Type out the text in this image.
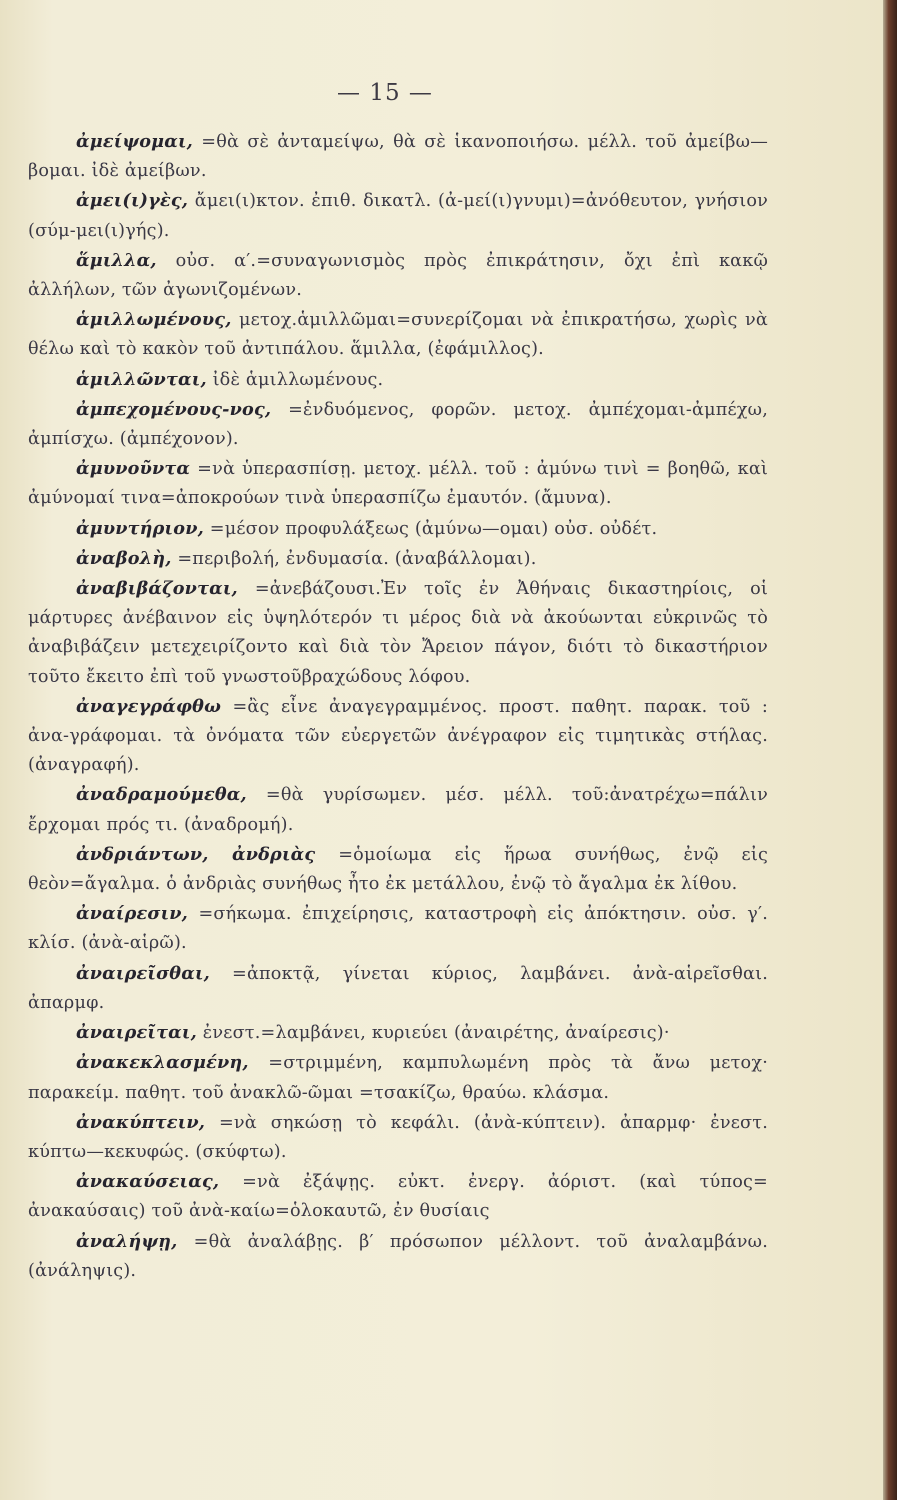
— 15 —

ἀμείψομαι, =θὰ σὲ ἀνταμείψω, θὰ σὲ ἱκανοποιήσω. μέλλ. τοῦ ἀμείβω—βομαι. ἰδὲ ἀμείβων.

ἀμει(ι)γὲς, ἄμει(ι)κτον. ἐπιθ. δικατλ. (ἀ-μεί(ι)γνυμι)=ἀνόθευτον, γνήσιον (σύμ-μει(ι)γής).

ἅμιλλα, οὐσ. α′.=συναγωνισμὸς πρὸς ἐπικράτησιν, ὄχι ἐπὶ κακῷ ἀλλήλων, τῶν ἀγωνιζομένων.

ἁμιλλωμένους, μετοχ.ἁμιλλῶμαι=συνερίζομαι νὰ ἐπικρατήσω, χωρὶς νὰ θέλω καὶ τὸ κακὸν τοῦ ἀντιπάλου. ἅμιλλα, (ἐφάμιλλος).

ἁμιλλῶνται, ἰδὲ ἁμιλλωμένους.

ἀμπεχομένους-νος, =ἐνδυόμενος, φορῶν. μετοχ. ἀμπέχομαι-ἀμπέχω, ἀμπίσχω. (ἀμπέχονον).

ἀμυνοῦντα =νὰ ὑπερασπίσῃ. μετοχ. μέλλ. τοῦ : ἀμύνω τινὶ = βοηθῶ, καὶ ἀμύνομαί τινα=ἀποκρούων τινὰ ὑπερασπίζω ἐμαυτόν. (ἄμυνα).

ἀμυντήριον, =μέσον προφυλάξεως (ἀμύνω—ομαι) οὐσ. οὐδέτ.

ἀναβολὴ, =περιβολή, ἐνδυμασία. (ἀναβάλλομαι).

ἀναβιβάζονται, =ἀνεβάζουσι.Ἐν τοῖς ἐν Ἀθήναις δικαστηρίοις, οἱ μάρτυρες ἀνέβαινον εἰς ὑψηλότερόν τι μέρος διὰ νὰ ἀκούωνται εὐκρινῶς τὸ ἀναβιβάζειν μετεχειρίζοντο καὶ διὰ τὸν Ἄρειον πάγον, διότι τὸ δικαστήριον τοῦτο ἔκειτο ἐπὶ τοῦ γνωστοῦβραχώδους λόφου.

ἀναγεγράφθω =ἂς εἶνε ἀναγεγραμμένος. προστ. παθητ. παρακ. τοῦ : ἀνα-γράφομαι. τὰ ὀνόματα τῶν εὐεργετῶν ἀνέγραφον εἰς τιμητικὰς στήλας. (ἀναγραφή).

ἀναδραμούμεθα, =θὰ γυρίσωμεν. μέσ. μέλλ. τοῦ:ἀνατρέχω=πάλιν ἔρχομαι πρός τι. (ἀναδρομή).

ἀνδριάντων, ἀνδριὰς =ὁμοίωμα εἰς ἥρωα συνήθως, ἐνῷ εἰς θεὸν=ἄγαλμα. ὁ ἀνδριὰς συνήθως ἦτο ἐκ μετάλλου, ἐνῷ τὸ ἄγαλμα ἐκ λίθου.

ἀναίρεσιν, =σήκωμα. ἐπιχείρησις, καταστροφὴ εἰς ἀπόκτησιν. οὐσ. γ′. κλίσ. (ἀνὰ-αἱρῶ).

ἀναιρεῖσθαι, =ἀποκτᾷ, γίνεται κύριος, λαμβάνει. ἀνὰ-αἱρεῖσθαι. ἀπαρμφ.

ἀναιρεῖται, ἐνεστ.=λαμβάνει, κυριεύει (ἀναιρέτης, ἀναίρεσις)·

ἀνακεκλασμένη, =στριμμένη, καμπυλωμένη πρὸς τὰ ἄνω μετοχ· παρακείμ. παθητ. τοῦ ἀνακλῶ-ῶμαι =τσακίζω, θραύω. κλάσμα.

ἀνακύπτειν, =νὰ σηκώσῃ τὸ κεφάλι. (ἀνὰ-κύπτειν). ἀπαρμφ· ἐνεστ. κύπτω—κεκυφώς. (σκύφτω).

ἀνακαύσειας, =νὰ ἐξάψῃς. εὐκτ. ἐνεργ. ἀόριστ. (καὶ τύπος= ἀνακαύσαις) τοῦ ἀνὰ-καίω=ὁλοκαυτῶ, ἐν θυσίαις

ἀναλήψῃ, =θὰ ἀναλάβῃς. β′ πρόσωπον μέλλοντ. τοῦ ἀναλαμβάνω. (ἀνάληψις).
